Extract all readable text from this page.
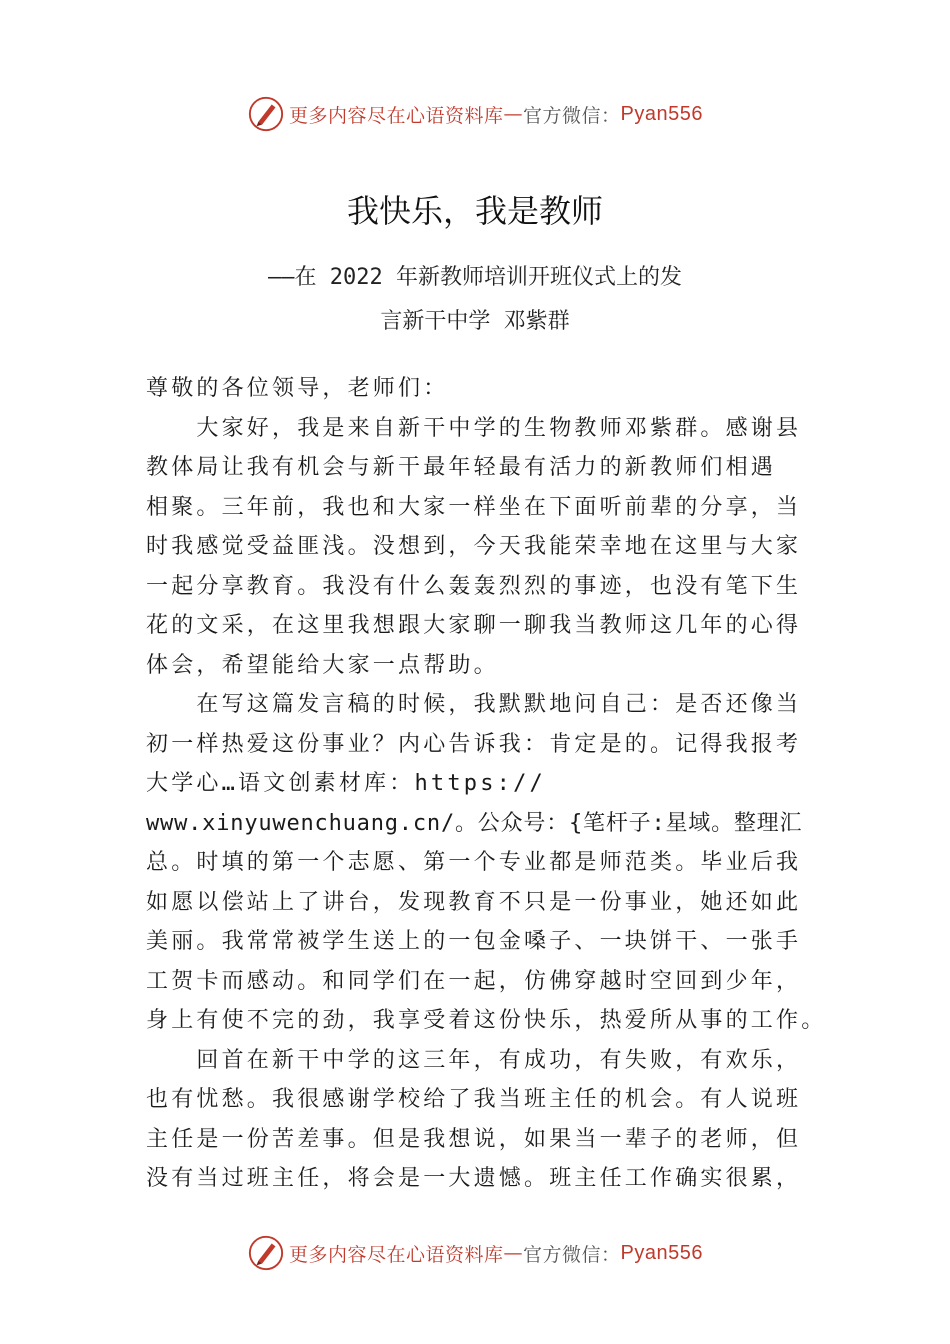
更多内容尽在心语资料库 — 官方微信： Pyan556
我快乐，我是教师
——在 2022 年新教师培训开班仪式上的发
言新干中学 邓紫群
尊敬的各位领导，老师们：
　　大家好，我是来自新干中学的生物教师邓紫群。感谢县
教体局让我有机会与新干最年轻最有活力的新教师们相遇
相聚。三年前，我也和大家一样坐在下面听前辈的分享，当
时我感觉受益匪浅。没想到，今天我能荣幸地在这里与大家
一起分享教育。我没有什么轰轰烈烈的事迹，也没有笔下生
花的文采，在这里我想跟大家聊一聊我当教师这几年的心得
体会，希望能给大家一点帮助。
　　在写这篇发言稿的时候，我默默地问自己：是否还像当
初一样热爱这份事业？内心告诉我：肯定是的。记得我报考
大学心…语文创素材库：https://
www.xinyuwenchuang.cn/。公众号：{笔杆子:星域。整理汇
总。时填的第一个志愿、第一个专业都是师范类。毕业后我
如愿以偿站上了讲台，发现教育不只是一份事业，她还如此
美丽。我常常被学生送上的一包金嗓子、一块饼干、一张手
工贺卡而感动。和同学们在一起，仿佛穿越时空回到少年，
身上有使不完的劲，我享受着这份快乐，热爱所从事的工作。
　　回首在新干中学的这三年，有成功，有失败，有欢乐，
也有忧愁。我很感谢学校给了我当班主任的机会。有人说班
主任是一份苦差事。但是我想说，如果当一辈子的老师，但
没有当过班主任，将会是一大遗憾。班主任工作确实很累，
更多内容尽在心语资料库 — 官方微信： Pyan556
